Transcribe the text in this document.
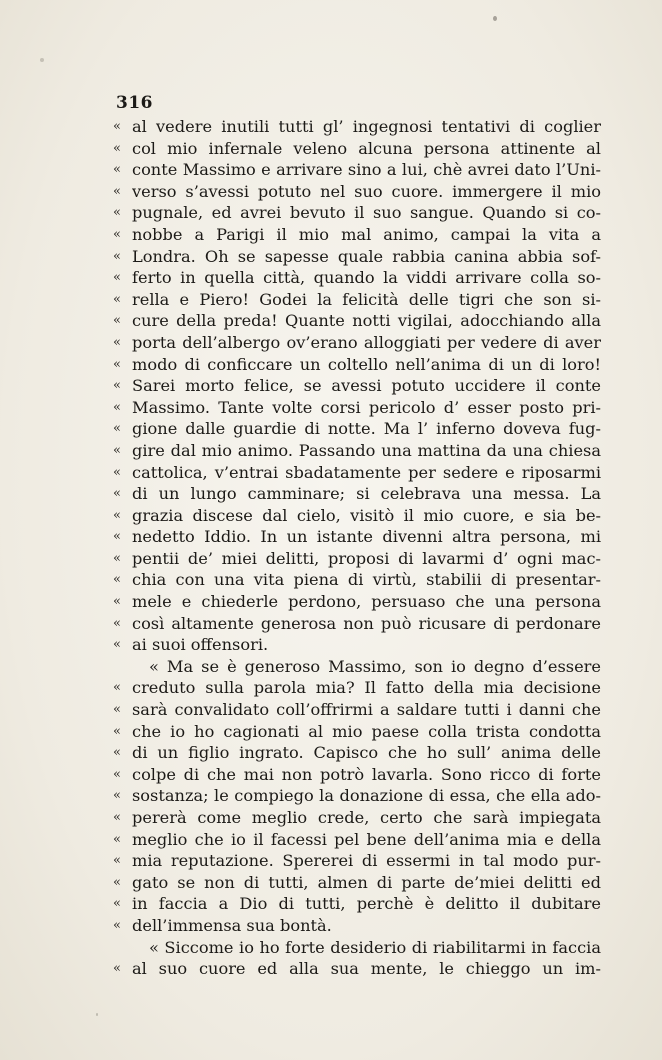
316
« al vedere inutili tutti gl’ ingegnosi tentativi di coglier
« col mio infernale veleno alcuna persona attinente al
« conte Massimo e arrivare sino a lui, chè avrei dato l’Uni-
« verso s’avessi potuto nel suo cuore. immergere il mio
« pugnale, ed avrei bevuto il suo sangue. Quando si co-
« nobbe a Parigi il mio mal animo, campai la vita a
« Londra. Oh se sapesse quale rabbia canina abbia sof-
« ferto in quella città, quando la viddi arrivare colla so-
« rella e Piero! Godei la felicità delle tigri che son si-
« cure della preda! Quante notti vigilai, adocchiando alla
« porta dell’albergo ov’erano alloggiati per vedere di aver
« modo di conficcare un coltello nell’anima di un di loro!
« Sarei morto felice, se avessi potuto uccidere il conte
« Massimo. Tante volte corsi pericolo d’ esser posto pri-
« gione dalle guardie di notte. Ma l’ inferno doveva fug-
« gire dal mio animo. Passando una mattina da una chiesa
« cattolica, v’entrai sbadatamente per sedere e riposarmi
« di un lungo camminare; si celebrava una messa. La
« grazia discese dal cielo, visitò il mio cuore, e sia be-
« nedetto Iddio. In un istante divenni altra persona, mi
« pentii de’ miei delitti, proposi di lavarmi d’ ogni mac-
« chia con una vita piena di virtù, stabilii di presentar-
« mele e chiederle perdono, persuaso che una persona
« così altamente generosa non può ricusare di perdonare
« ai suoi offensori.
« Ma se è generoso Massimo, son io degno d’essere
« creduto sulla parola mia? Il fatto della mia decisione
« sarà convalidato coll’offrirmi a saldare tutti i danni che
« che io ho cagionati al mio paese colla trista condotta
« di un figlio ingrato. Capisco che ho sull’ anima delle
« colpe di che mai non potrò lavarla. Sono ricco di forte
« sostanza; le compiego la donazione di essa, che ella ado-
« pererà come meglio crede, certo che sarà impiegata
« meglio che io il facessi pel bene dell’anima mia e della
« mia reputazione. Spererei di essermi in tal modo pur-
« gato se non di tutti, almen di parte de’miei delitti ed
« in faccia a Dio di tutti, perchè è delitto il dubitare
« dell’immensa sua bontà.
« Siccome io ho forte desiderio di riabilitarmi in faccia
« al suo cuore ed alla sua mente, le chieggo un im-
